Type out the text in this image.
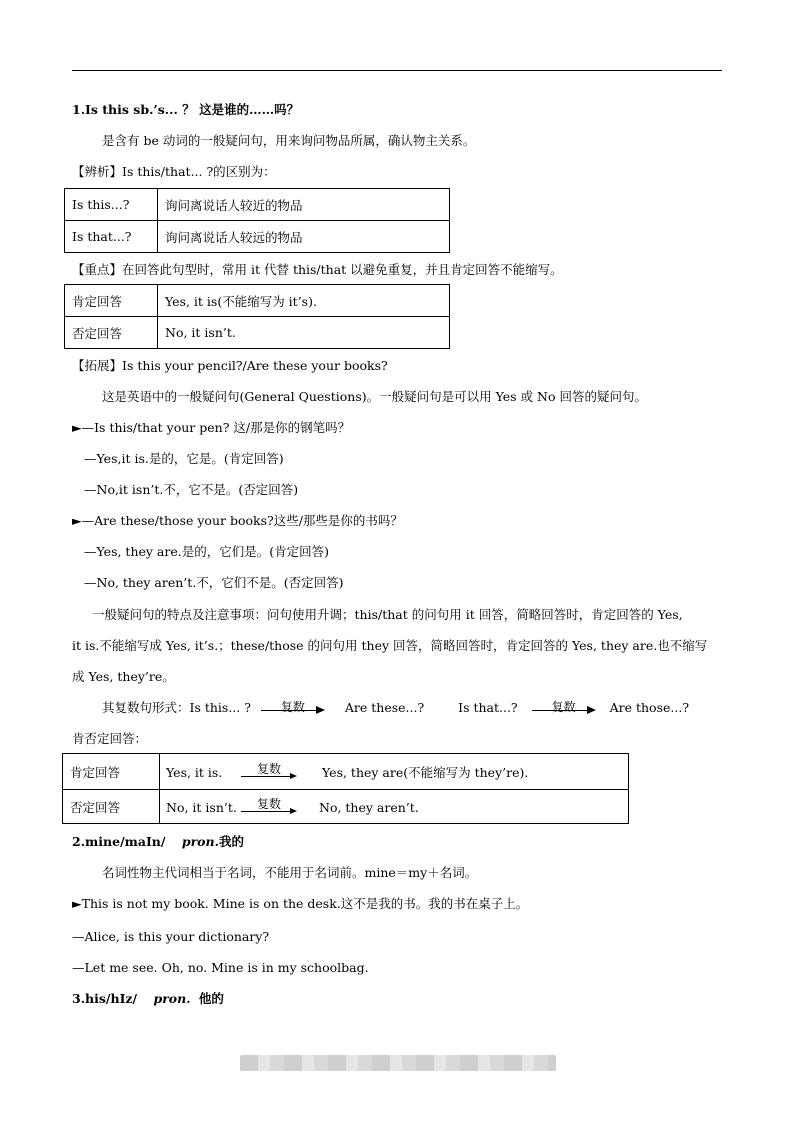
1.Is this sb.’s... ？ 这是谁的……吗？
是含有 be 动词的一般疑问句，用来询问物品所属，确认物主关系。
【辨析】Is this/that... ?的区别为：
Is this...?	询问离说话人较近的物品
Is that...?	询问离说话人较远的物品
【重点】在回答此句型时，常用 it 代替 this/that 以避免重复，并且肯定回答不能缩写。
肯定回答	Yes, it is(不能缩写为 it’s).
否定回答	No, it isn’t.
【拓展】Is this your pencil?/Are these your books?
这是英语中的一般疑问句(General Questions)。一般疑问句是可以用 Yes 或 No 回答的疑问句。
►—Is this/that your pen? 这/那是你的钢笔吗？
—Yes,it is.是的，它是。(肯定回答)
—No,it isn’t.不，它不是。(否定回答)
►—Are these/those your books?这些/那些是你的书吗？
—Yes, they are.是的，它们是。(肯定回答)
—No, they aren’t.不，它们不是。(否定回答)
一般疑问句的特点及注意事项：问句使用升调；this/that 的问句用 it 回答，简略回答时，肯定回答的 Yes,
it is.不能缩写成 Yes, it’s.；these/those 的问句用 they 回答，简略回答时，肯定回答的 Yes, they are.也不缩写
成 Yes, they’re。
其复数句形式：Is this... ?	复数	Are these...?	Is that...?	复数	Are those...?
肯否定回答：
肯定回答	Yes, it is. 复数 Yes, they are(不能缩写为 they’re).

否定回答	No, it isn’t. 复数 No, they aren’t.
2.mine/maIn/ pron.我的
名词性物主代词相当于名词，不能用于名词前。mine＝my＋名词。
►This is not my book. Mine is on the desk.这不是我的书。我的书在桌子上。
—Alice, is this your dictionary?
—Let me see. Oh, no. Mine is in my schoolbag.
3.his/hIz/ pron. 他的
